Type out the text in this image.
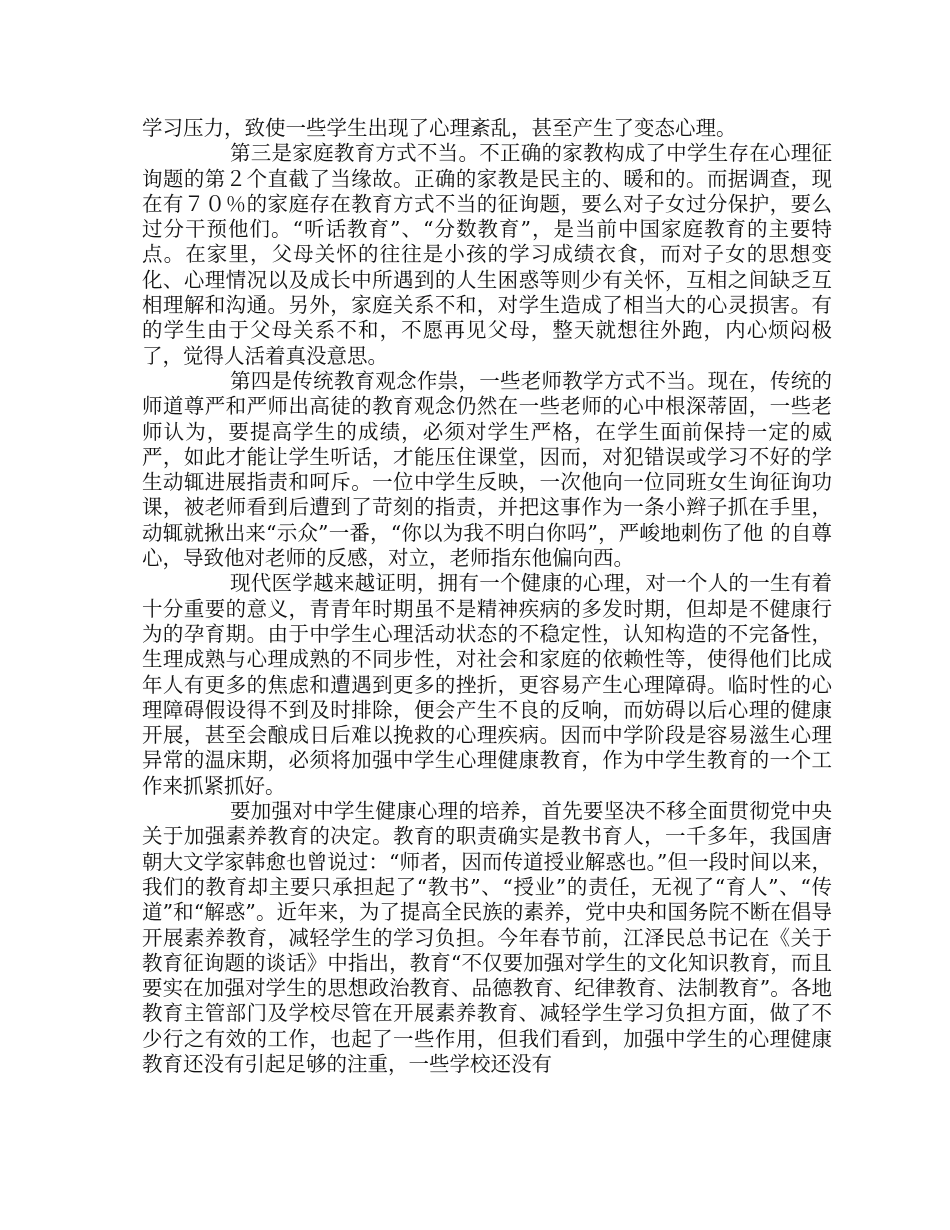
学习压力，致使一些学生出现了心理紊乱，甚至产生了变态心理。

第三是家庭教育方式不当。不正确的家教构成了中学生存在心理征询题的第２个直截了当缘故。正确的家教是民主的、暖和的。而据调查，现在有７０％的家庭存在教育方式不当的征询题，要么对子女过分保护，要么过分干预他们。“听话教育”、“分数教育”，是当前中国家庭教育的主要特点。在家里，父母关怀的往往是小孩的学习成绩衣食，而对子女的思想变化、心理情况以及成长中所遇到的人生困惑等则少有关怀，互相之间缺乏互相理解和沟通。另外，家庭关系不和，对学生造成了相当大的心灵损害。有的学生由于父母关系不和，不愿再见父母，整天就想往外跑，内心烦闷极了，觉得人活着真没意思。

第四是传统教育观念作祟，一些老师教学方式不当。现在，传统的师道尊严和严师出高徒的教育观念仍然在一些老师的心中根深蒂固，一些老师认为，要提高学生的成绩，必须对学生严格，在学生面前保持一定的威严，如此才能让学生听话，才能压住课堂，因而，对犯错误或学习不好的学生动辄进展指责和呵斥。一位中学生反映，一次他向一位同班女生询征询功课，被老师看到后遭到了苛刻的指责，并把这事作为一条小辫子抓在手里，动辄就揪出来“示众”一番，“你以为我不明白你吗”，严峻地刺伤了他 的自尊心，导致他对老师的反感，对立，老师指东他偏向西。

现代医学越来越证明，拥有一个健康的心理，对一个人的一生有着十分重要的意义，青青年时期虽不是精神疾病的多发时期，但却是不健康行为的孕育期。由于中学生心理活动状态的不稳定性，认知构造的不完备性，生理成熟与心理成熟的不同步性，对社会和家庭的依赖性等，使得他们比成年人有更多的焦虑和遭遇到更多的挫折，更容易产生心理障碍。临时性的心理障碍假设得不到及时排除，便会产生不良的反响，而妨碍以后心理的健康开展，甚至会酿成日后难以挽救的心理疾病。因而中学阶段是容易滋生心理异常的温床期，必须将加强中学生心理健康教育，作为中学生教育的一个工作来抓紧抓好。

要加强对中学生健康心理的培养，首先要坚决不移全面贯彻党中央关于加强素养教育的决定。教育的职责确实是教书育人，一千多年，我国唐朝大文学家韩愈也曾说过：“师者，因而传道授业解惑也。”但一段时间以来，我们的教育却主要只承担起了“教书”、“授业”的责任，无视了“育人”、“传道”和“解惑”。近年来，为了提高全民族的素养，党中央和国务院不断在倡导开展素养教育，减轻学生的学习负担。今年春节前，江泽民总书记在《关于教育征询题的谈话》中指出，教育“不仅要加强对学生的文化知识教育，而且要实在加强对学生的思想政治教育、品德教育、纪律教育、法制教育”。各地教育主管部门及学校尽管在开展素养教育、减轻学生学习负担方面，做了不少行之有效的工作，也起了一些作用，但我们看到，加强中学生的心理健康教育还没有引起足够的注重，一些学校还没有
